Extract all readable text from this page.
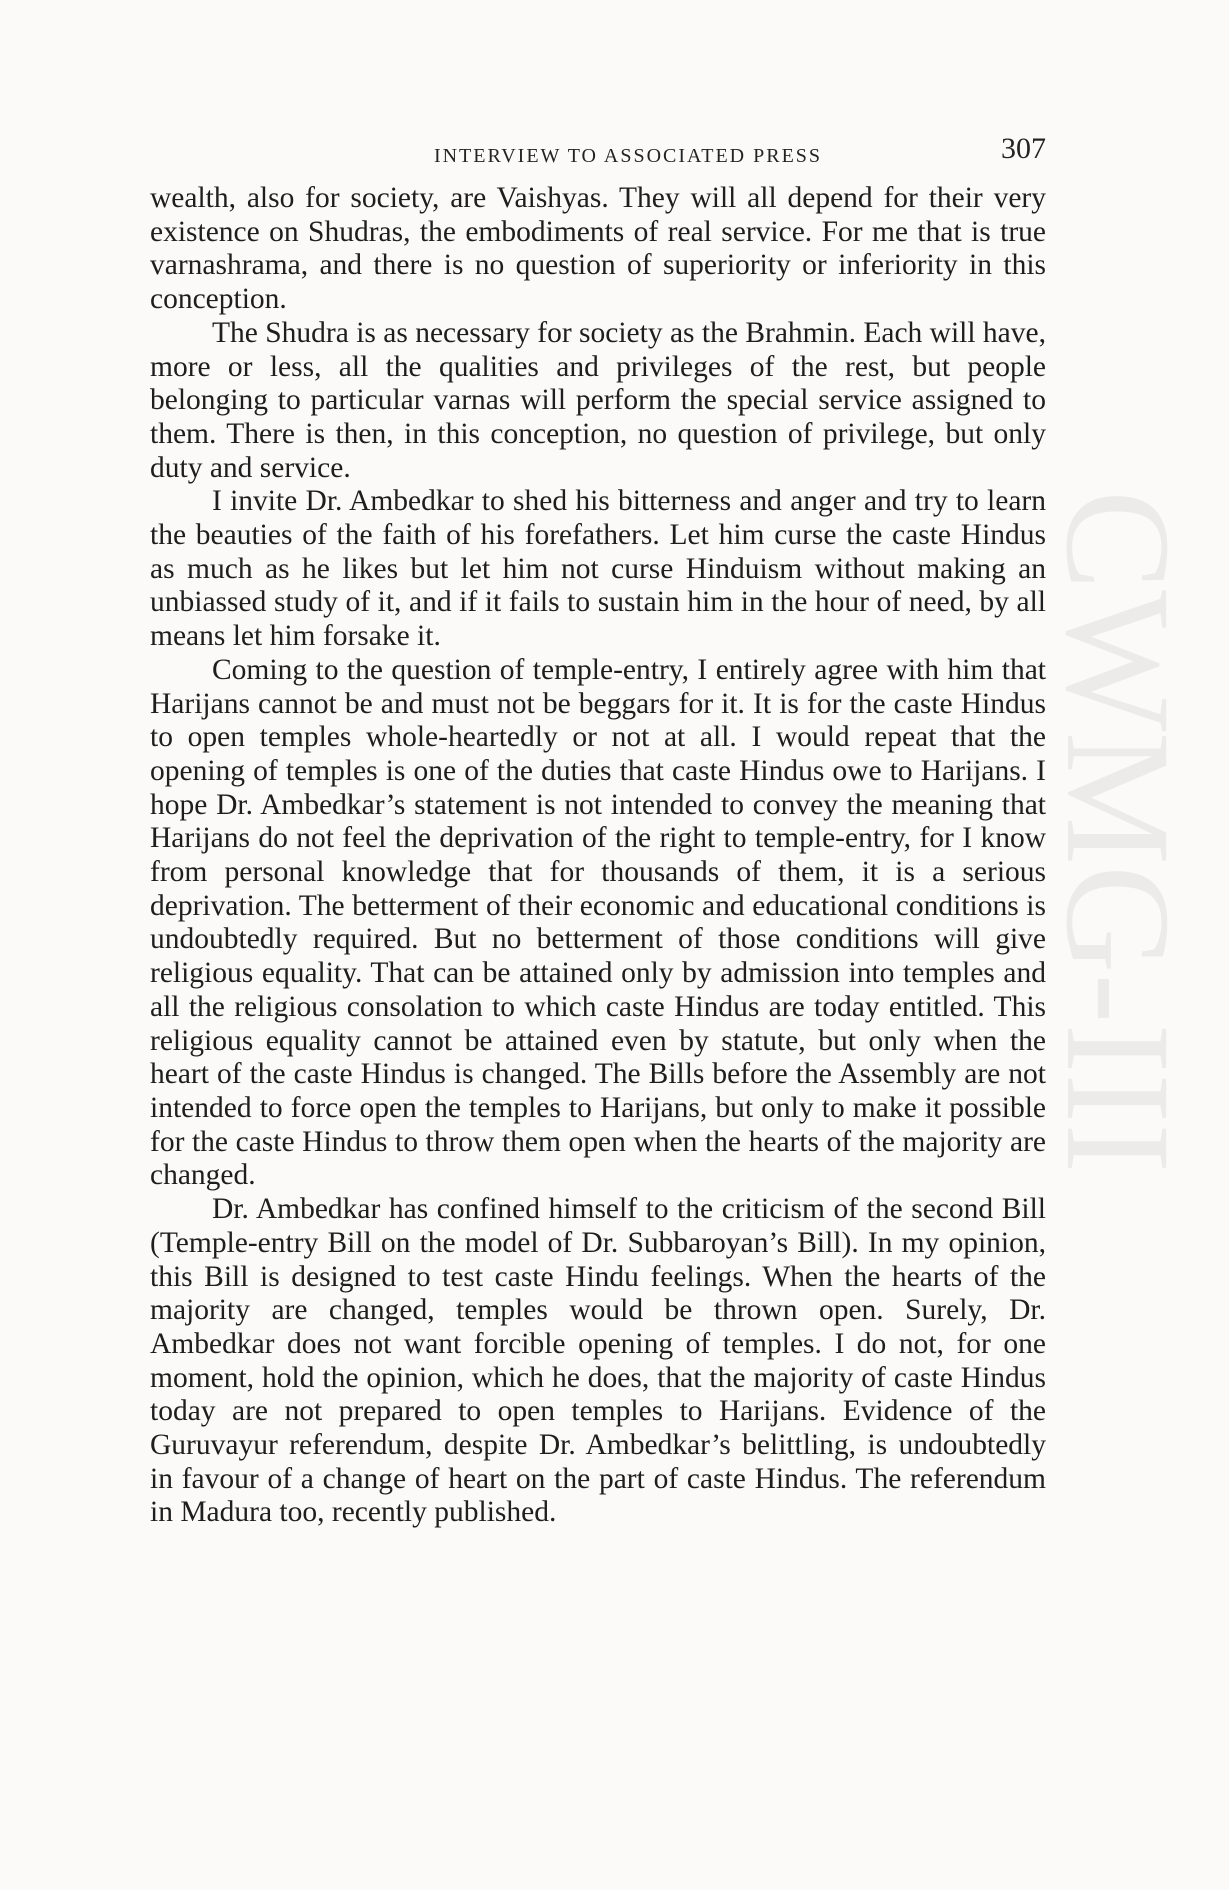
CWMG-III
INTERVIEW TO ASSOCIATED PRESS	307

wealth, also for society, are Vaishyas. They will all depend for their very existence on Shudras, the embodiments of real service. For me that is true varnashrama, and there is no question of superiority or inferiority in this conception.

The Shudra is as necessary for society as the Brahmin. Each will have, more or less, all the qualities and privileges of the rest, but people belonging to particular varnas will perform the special service assigned to them. There is then, in this conception, no question of privilege, but only duty and service.

I invite Dr. Ambedkar to shed his bitterness and anger and try to learn the beauties of the faith of his forefathers. Let him curse the caste Hindus as much as he likes but let him not curse Hinduism without making an unbiassed study of it, and if it fails to sustain him in the hour of need, by all means let him forsake it.

Coming to the question of temple-entry, I entirely agree with him that Harijans cannot be and must not be beggars for it. It is for the caste Hindus to open temples whole-heartedly or not at all. I would repeat that the opening of temples is one of the duties that caste Hindus owe to Harijans. I hope Dr. Ambedkar’s statement is not intended to convey the meaning that Harijans do not feel the deprivation of the right to temple-entry, for I know from personal knowledge that for thousands of them, it is a serious deprivation. The betterment of their economic and educational conditions is undoubtedly required. But no betterment of those conditions will give religious equality. That can be attained only by admission into temples and all the religious consolation to which caste Hindus are today entitled. This religious equality cannot be attained even by statute, but only when the heart of the caste Hindus is changed. The Bills before the Assembly are not intended to force open the temples to Harijans, but only to make it possible for the caste Hindus to throw them open when the hearts of the majority are changed.

Dr. Ambedkar has confined himself to the criticism of the second Bill (Temple-entry Bill on the model of Dr. Subbaroyan’s Bill). In my opinion, this Bill is designed to test caste Hindu feelings. When the hearts of the majority are changed, temples would be thrown open. Surely, Dr. Ambedkar does not want forcible opening of temples. I do not, for one moment, hold the opinion, which he does, that the majority of caste Hindus today are not prepared to open temples to Harijans. Evidence of the Guruvayur referendum, despite Dr. Ambedkar’s belittling, is undoubtedly in favour of a change of heart on the part of caste Hindus. The referendum in Madura too, recently published.
